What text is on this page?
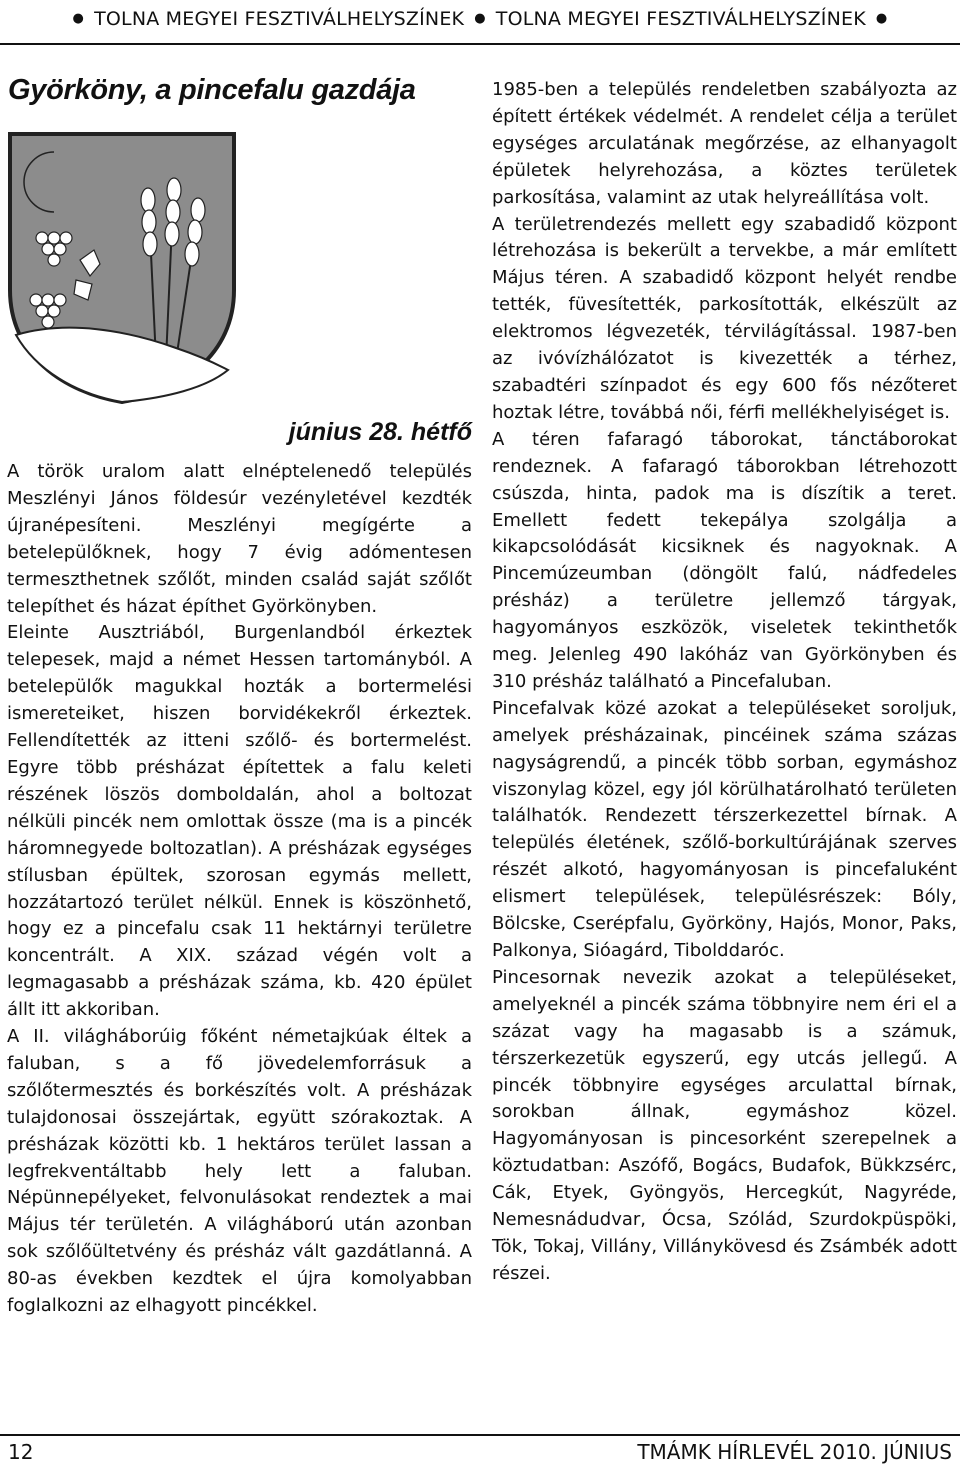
● TOLNA MEGYEI FESZTIVÁLHELYSZÍNEK ● TOLNA MEGYEI FESZTIVÁLHELYSZÍNEK ●
Györköny, a pincefalu gazdája
június 28. hétfő

A török uralom alatt elnéptelenedő település Meszlényi János földesúr vezényletével kezdték újranépesíteni. Meszlényi megígérte a betelepülőknek, hogy 7 évig adómentesen termeszthetnek szőlőt, minden család saját szőlőt telepíthet és házat építhet Györkönyben.

Eleinte Ausztriából, Burgenlandból érkeztek telepesek, majd a német Hessen tartományból. A betelepülők magukkal hozták a bortermelési ismereteiket, hiszen borvidékekről érkeztek. Fellendítették az itteni szőlő- és bortermelést. Egyre több présházat építettek a falu keleti részének löszös domboldalán, ahol a boltozat nélküli pincék nem omlottak össze (ma is a pincék háromnegyede boltozatlan). A présházak egységes stílusban épültek, szorosan egymás mellett, hozzátartozó terület nélkül. Ennek is köszönhető, hogy ez a pincefalu csak 11 hektárnyi területre koncentrált. A XIX. század végén volt a legmagasabb a présházak száma, kb. 420 épület állt itt akkoriban.

A II. világháborúig főként németajkúak éltek a faluban, s a fő jövedelemforrásuk a szőlőtermesztés és borkészítés volt. A présházak tulajdonosai összejártak, együtt szórakoztak. A présházak közötti kb. 1 hektáros terület lassan a legfrekventáltabb hely lett a faluban. Népünnepélyeket, felvonulásokat rendeztek a mai Május tér területén. A világháború után azonban sok szőlőültetvény és présház vált gazdátlanná. A 80-as években kezdtek el újra komolyabban foglalkozni az elhagyott pincékkel.

1985-ben a település rendeletben szabályozta az épített értékek védelmét. A rendelet célja a terület egységes arculatának megőrzése, az elhanyagolt épületek helyrehozása, a köztes területek parkosítása, valamint az utak helyreállítása volt.

A területrendezés mellett egy szabadidő központ létrehozása is bekerült a tervekbe, a már említett Május téren. A szabadidő központ helyét rendbe tették, füvesítették, parkosították, elkészült az elektromos légvezeték, térvilágítással. 1987-ben az ivóvízhálózatot is kivezették a térhez, szabadtéri színpadot és egy 600 fős nézőteret hoztak létre, továbbá női, férfi mellékhelyiséget is.

A téren fafaragó táborokat, tánctáborokat rendeznek. A fafaragó táborokban létrehozott csúszda, hinta, padok ma is díszítik a teret. Emellett fedett tekepálya szolgálja a kikapcsolódását kicsiknek és nagyoknak. A Pincemúzeumban (döngölt falú, nádfedeles présház) a területre jellemző tárgyak, hagyományos eszközök, viseletek tekinthetők meg. Jelenleg 490 lakóház van Györkönyben és 310 présház található a Pincefaluban.

Pincefalvak közé azokat a településeket soroljuk, amelyek présházainak, pincéinek száma százas nagyságrendű, a pincék több sorban, egymáshoz viszonylag közel, egy jól körülhatárolható területen találhatók. Rendezett térszerkezettel bírnak. A település életének, szőlő-borkultúrájának szerves részét alkotó, hagyományosan is pincefaluként elismert települések, településrészek: Bóly, Bölcske, Cserépfalu, Györköny, Hajós, Monor, Paks, Palkonya, Sióagárd, Tibolddaróc.

Pincesornak nevezik azokat a településeket, amelyeknél a pincék száma többnyire nem éri el a százat vagy ha magasabb is a számuk, térszerkezetük egyszerű, egy utcás jellegű. A pincék többnyire egységes arculattal bírnak, sorokban állnak, egymáshoz közel. Hagyományosan is pincesorként szerepelnek a köztudatban: Aszófő, Bogács, Budafok, Bükkzsérc, Cák, Etyek, Gyöngyös, Hercegkút, Nagyréde, Nemesnádudvar, Ócsa, Szólád, Szurdokpüspöki, Tök, Tokaj, Villány, Villánykövesd és Zsámbék adott részei.

12	TMÁMK HÍRLEVÉL 2010. JÚNIUS
